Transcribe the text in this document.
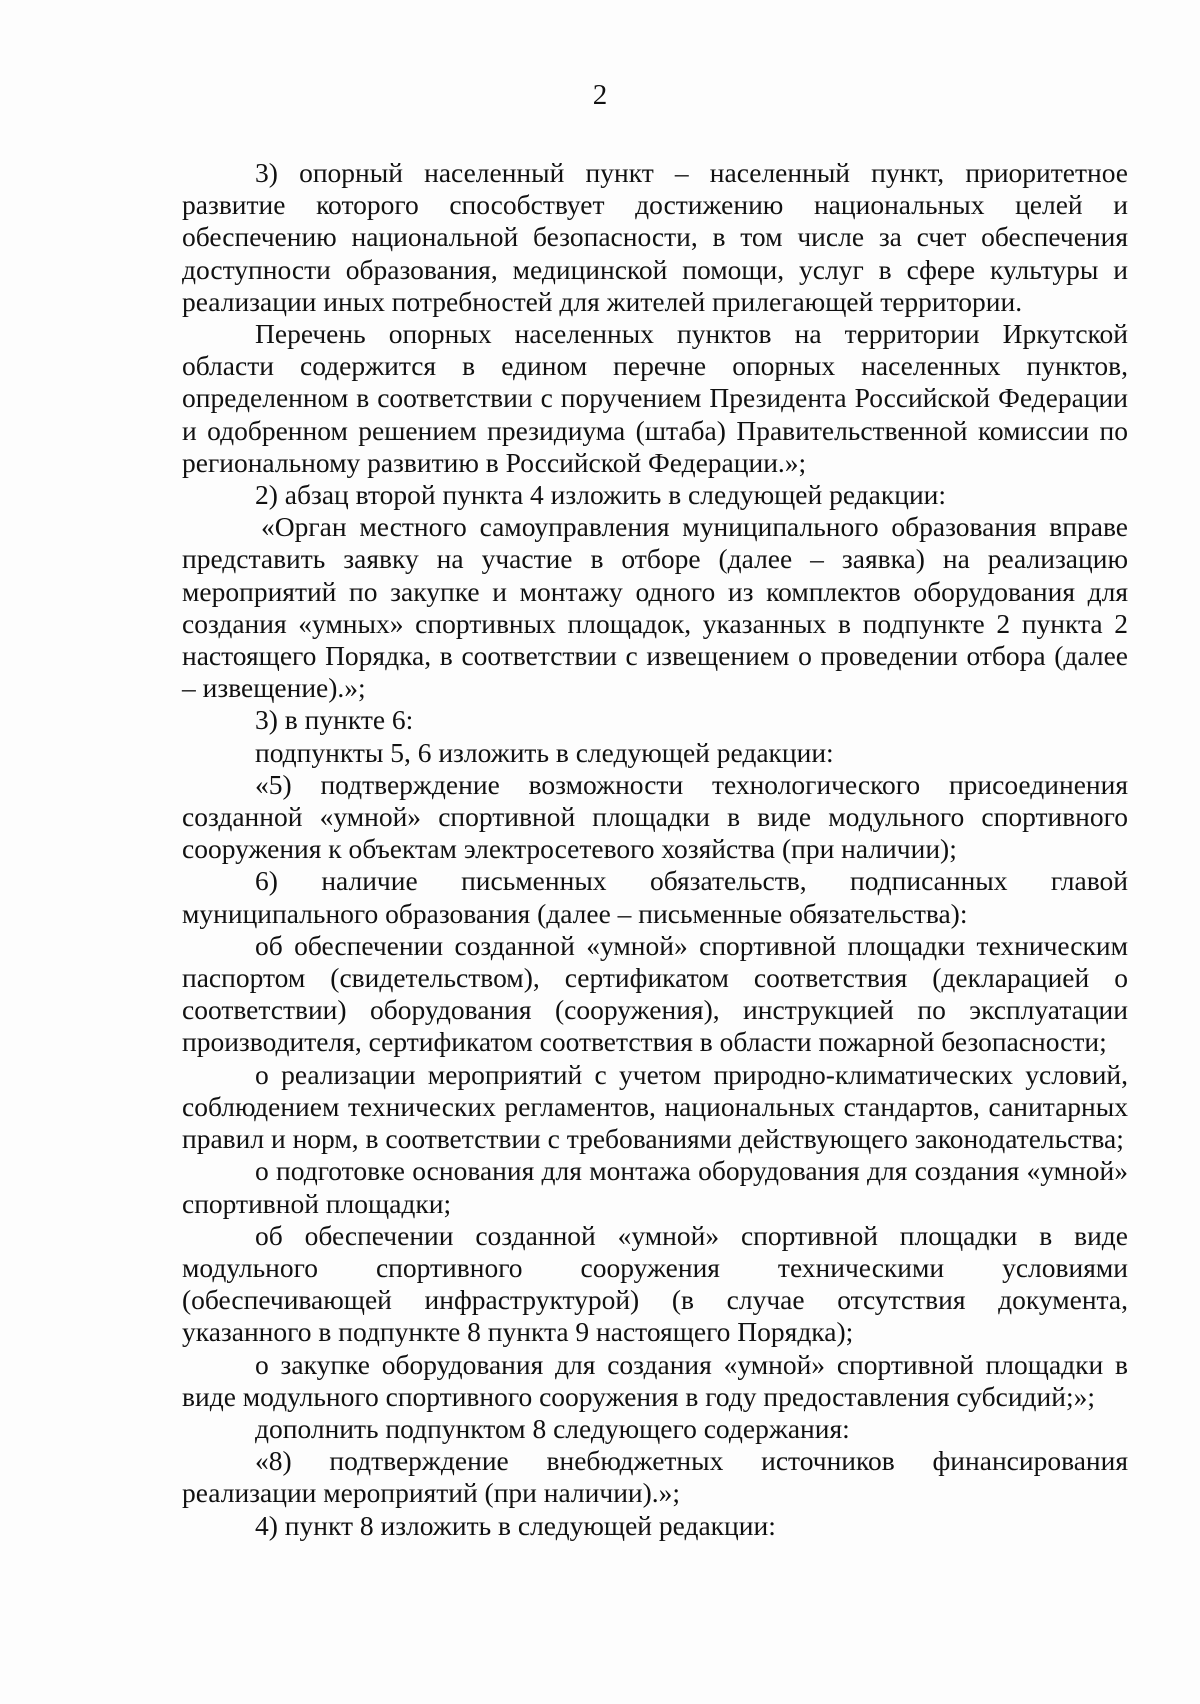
2

3) опорный населенный пункт – населенный пункт, приоритетное развитие которого способствует достижению национальных целей и обеспечению национальной безопасности, в том числе за счет обеспечения доступности образования, медицинской помощи, услуг в сфере культуры и реализации иных потребностей для жителей прилегающей территории.

Перечень опорных населенных пунктов на территории Иркутской области содержится в едином перечне опорных населенных пунктов, определенном в соответствии с поручением Президента Российской Федерации и одобренном решением президиума (штаба) Правительственной комиссии по региональному развитию в Российской Федерации.»;

2) абзац второй пункта 4 изложить в следующей редакции:

«Орган местного самоуправления муниципального образования вправе представить заявку на участие в отборе (далее – заявка) на реализацию мероприятий по закупке и монтажу одного из комплектов оборудования для создания «умных» спортивных площадок, указанных в подпункте 2 пункта 2 настоящего Порядка, в соответствии с извещением о проведении отбора (далее – извещение).»;

3) в пункте 6:

подпункты 5, 6 изложить в следующей редакции:

«5) подтверждение возможности технологического присоединения созданной «умной» спортивной площадки в виде модульного спортивного сооружения к объектам электросетевого хозяйства (при наличии);

6) наличие письменных обязательств, подписанных главой муниципального образования (далее – письменные обязательства):

об обеспечении созданной «умной» спортивной площадки техническим паспортом (свидетельством), сертификатом соответствия (декларацией о соответствии) оборудования (сооружения), инструкцией по эксплуатации производителя, сертификатом соответствия в области пожарной безопасности;

о реализации мероприятий с учетом природно-климатических условий, соблюдением технических регламентов, национальных стандартов, санитарных правил и норм, в соответствии с требованиями действующего законодательства;

о подготовке основания для монтажа оборудования для создания «умной» спортивной площадки;

об обеспечении созданной «умной» спортивной площадки в виде модульного спортивного сооружения техническими условиями (обеспечивающей инфраструктурой) (в случае отсутствия документа, указанного в подпункте 8 пункта 9 настоящего Порядка);

о закупке оборудования для создания «умной» спортивной площадки в виде модульного спортивного сооружения в году предоставления субсидий;»;

дополнить подпунктом 8 следующего содержания:

«8) подтверждение внебюджетных источников финансирования реализации мероприятий (при наличии).»;

4) пункт 8 изложить в следующей редакции:
